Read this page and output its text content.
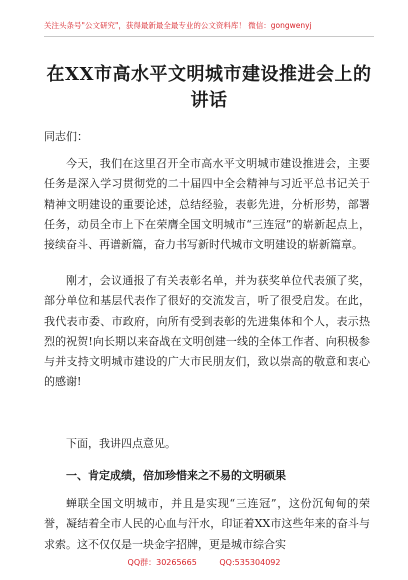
关注头条号"公文研究"，获得最新最全最专业的公文资料库！ 微信：gongwenyj
在XX市高水平文明城市建设推进会上的讲话
同志们：

今天，我们在这里召开全市高水平文明城市建设推进会，主要任务是深入学习贯彻党的二十届四中全会精神与习近平总书记关于精神文明建设的重要论述，总结经验，表彰先进，分析形势，部署任务，动员全市上下在荣膺全国文明城市“三连冠”的崭新起点上，接续奋斗、再谱新篇，奋力书写新时代城市文明建设的崭新篇章。

刚才，会议通报了有关表彰名单，并为获奖单位代表颁了奖，部分单位和基层代表作了很好的交流发言，听了很受启发。在此，我代表市委、市政府，向所有受到表彰的先进集体和个人，表示热烈的祝贺!向长期以来奋战在文明创建一线的全体工作者、向积极参与并支持文明城市建设的广大市民朋友们，致以崇高的敬意和衷心的感谢!

下面，我讲四点意见。

一、肯定成绩，倍加珍惜来之不易的文明硕果

蝉联全国文明城市，并且是实现“三连冠”，这份沉甸甸的荣誉，凝结着全市人民的心血与汗水，印证着XX市这些年来的奋斗与求索。这不仅仅是一块金字招牌，更是城市综合实

QQ群：30265665	QQ:535304092
